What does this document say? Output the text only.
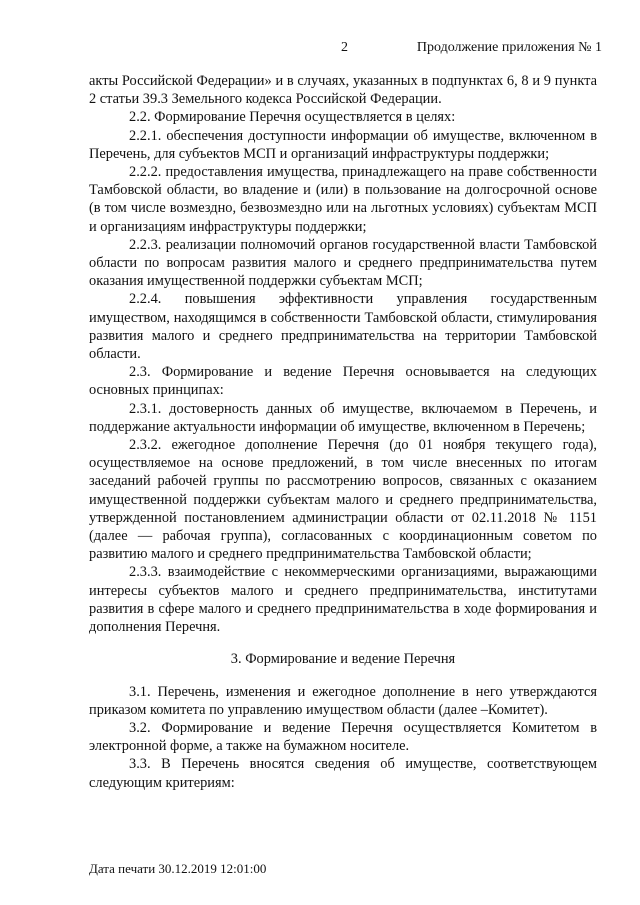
2	Продолжение приложения № 1

акты Российской Федерации» и в случаях, указанных в подпунктах 6, 8 и 9 пункта 2 статьи 39.3 Земельного кодекса Российской Федерации.

2.2. Формирование Перечня осуществляется в целях:

2.2.1. обеспечения доступности информации об имуществе, включенном в Перечень, для субъектов МСП и организаций инфраструктуры поддержки;

2.2.2. предоставления имущества, принадлежащего на праве собственности Тамбовской области, во владение и (или) в пользование на долгосрочной основе (в том числе возмездно, безвозмездно или на льготных условиях) субъектам МСП и организациям инфраструктуры поддержки;

2.2.3. реализации полномочий органов государственной власти Тамбовской области по вопросам развития малого и среднего предпринимательства путем оказания имущественной поддержки субъектам МСП;

2.2.4. повышения эффективности управления государственным имуществом, находящимся в собственности Тамбовской области, стимулирования развития малого и среднего предпринимательства на территории Тамбовской области.

2.3. Формирование и ведение Перечня основывается на следующих основных принципах:

2.3.1. достоверность данных об имуществе, включаемом в Перечень, и поддержание актуальности информации об имуществе, включенном в Перечень;

2.3.2. ежегодное дополнение Перечня (до 01 ноября текущего года), осуществляемое на основе предложений, в том числе внесенных по итогам заседаний рабочей группы по рассмотрению вопросов, связанных с оказанием имущественной поддержки субъектам малого и среднего предпринимательства, утвержденной постановлением администрации области от 02.11.2018 № 1151 (далее — рабочая группа), согласованных с координационным советом по развитию малого и среднего предпринимательства Тамбовской области;

2.3.3. взаимодействие с некоммерческими организациями, выражающими интересы субъектов малого и среднего предпринимательства, институтами развития в сфере малого и среднего предпринимательства в ходе формирования и дополнения Перечня.

3. Формирование и ведение Перечня

3.1. Перечень, изменения и ежегодное дополнение в него утверждаются приказом комитета по управлению имуществом области (далее –Комитет).

3.2. Формирование и ведение Перечня осуществляется Комитетом в электронной форме, а также на бумажном носителе.

3.3. В Перечень вносятся сведения об имуществе, соответствующем следующим критериям:

Дата печати 30.12.2019 12:01:00
